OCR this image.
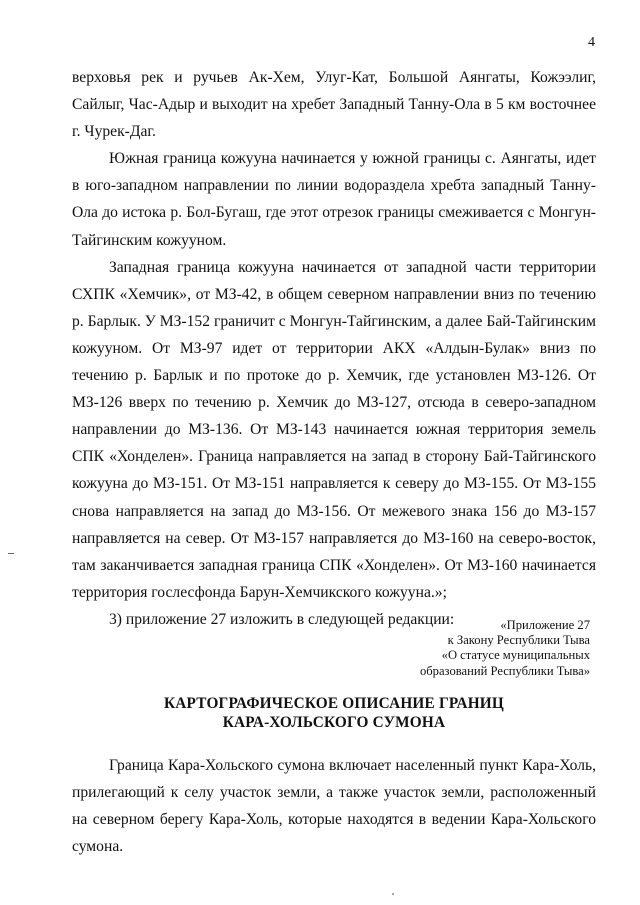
4

верховья рек и ручьев Ак-Хем, Улуг-Кат, Большой Аянгаты, Кожээлиг, Сайлыг, Час-Адыр и выходит на хребет Западный Танну-Ола в 5 км восточнее г. Чурек-Даг.

Южная граница кожууна начинается у южной границы с. Аянгаты, идет в юго-западном направлении по линии водораздела хребта западный Танну-Ола до истока р. Бол-Бугаш, где этот отрезок границы смеживается с Монгун-Тайгинским кожууном.

Западная граница кожууна начинается от западной части территории СХПК «Хемчик», от МЗ-42, в общем северном направлении вниз по течению р. Барлык. У МЗ-152 граничит с Монгун-Тайгинским, а далее Бай-Тайгинским кожууном. От МЗ-97 идет от территории АКХ «Алдын-Булак» вниз по течению р. Барлык и по протоке до р. Хемчик, где установлен МЗ-126. От МЗ-126 вверх по течению р. Хемчик до МЗ-127, отсюда в северо-западном направлении до МЗ-136. От МЗ-143 начинается южная территория земель СПК «Хонделен». Граница направляется на запад в сторону Бай-Тайгинского кожууна до МЗ-151. От МЗ-151 направляется к северу до МЗ-155. От МЗ-155 снова направляется на запад до МЗ-156. От межевого знака 156 до МЗ-157 направляется на север. От МЗ-157 направляется до МЗ-160 на северо-восток, там заканчивается западная граница СПК «Хонделен». От МЗ-160 начинается территория гослесфонда Барун-Хемчикского кожууна.»;

3) приложение 27 изложить в следующей редакции:	«Приложение 27
к Закону Республики Тыва
«О статусе муниципальных
образований Республики Тыва»
КАРТОГРАФИЧЕСКОЕ ОПИСАНИЕ ГРАНИЦ
КАРА-ХОЛЬСКОГО СУМОНА

Граница Кара-Хольского сумона включает населенный пункт Кара-Холь, прилегающий к селу участок земли, а также участок земли, расположенный на северном берегу Кара-Холь, которые находятся в ведении Кара-Хольского сумона.
